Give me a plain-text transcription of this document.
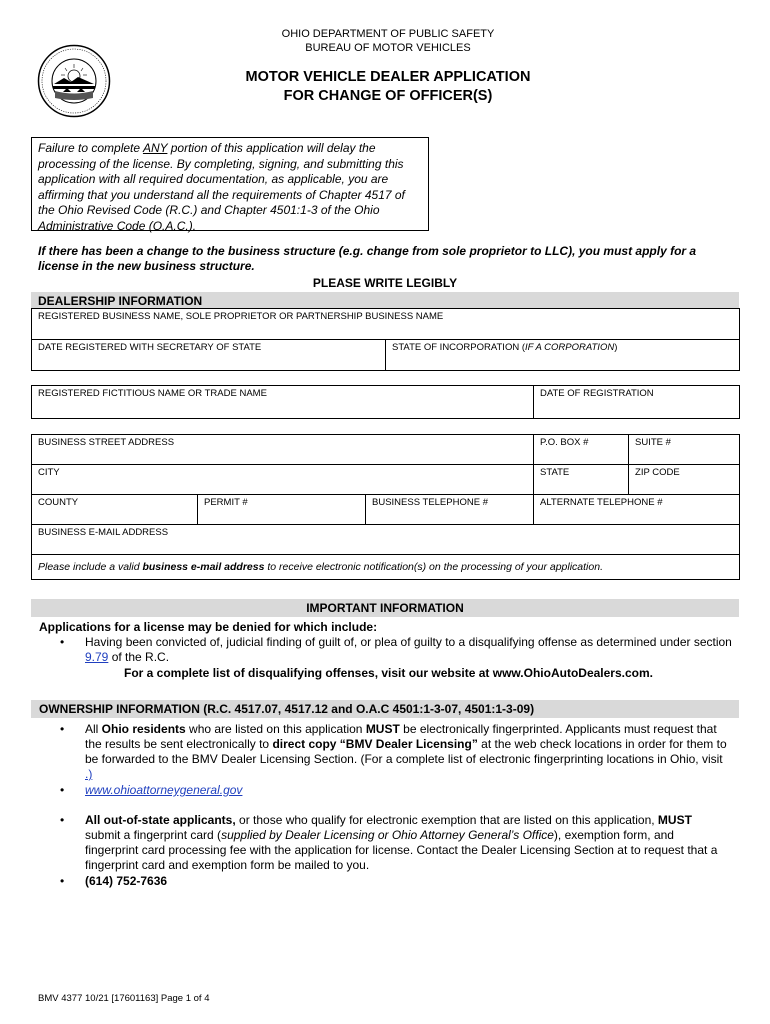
OHIO DEPARTMENT OF PUBLIC SAFETY
BUREAU OF MOTOR VEHICLES
MOTOR VEHICLE DEALER APPLICATION
FOR CHANGE OF OFFICER(S)
Failure to complete ANY portion of this application will delay the processing of the license. By completing, signing, and submitting this application with all required documentation, as applicable, you are affirming that you understand all the requirements of Chapter 4517 of the Ohio Revised Code (R.C.) and Chapter 4501:1-3 of the Ohio Administrative Code (O.A.C.).
If there has been a change to the business structure (e.g. change from sole proprietor to LLC), you must apply for a license in the new business structure.
PLEASE WRITE LEGIBLY
DEALERSHIP INFORMATION
REGISTERED BUSINESS NAME, SOLE PROPRIETOR OR PARTNERSHIP BUSINESS NAME
DATE REGISTERED WITH SECRETARY OF STATE	STATE OF INCORPORATION (IF A CORPORATION)
REGISTERED FICTITIOUS NAME OR TRADE NAME	DATE OF REGISTRATION
BUSINESS STREET ADDRESS			P.O. BOX #	SUITE #
CITY			STATE	ZIP CODE
COUNTY	PERMIT #	BUSINESS TELEPHONE #	ALTERNATE TELEPHONE #	
BUSINESS E-MAIL ADDRESS				
Please include a valid business e-mail address to receive electronic notification(s) on the processing of your application.				
IMPORTANT INFORMATION
Applications for a license may be denied for which include:
• Having been convicted of, judicial finding of guilt of, or plea of guilty to a disqualifying offense as determined under section 9.79 of the R.C.
For a complete list of disqualifying offenses, visit our website at www.OhioAutoDealers.com.
OWNERSHIP INFORMATION (R.C. 4517.07, 4517.12 and O.A.C 4501:1-3-07, 4501:1-3-09)
• All Ohio residents who are listed on this application MUST be electronically fingerprinted. Applicants must request that the results be sent electronically to direct copy “BMV Dealer Licensing” at the web check locations in order for them to be forwarded to the BMV Dealer Licensing Section. (For a complete list of electronic fingerprinting locations in Ohio, visit .)
• www.ohioattorneygeneral.gov
• All out-of-state applicants, or those who qualify for electronic exemption that are listed on this application, MUST submit a fingerprint card (supplied by Dealer Licensing or Ohio Attorney General’s Office), exemption form, and fingerprint card processing fee with the application for license. Contact the Dealer Licensing Section at to request that a fingerprint card and exemption form be mailed to you.
• (614) 752-7636
BMV 4377 10/21 [17601163] Page 1 of 4
